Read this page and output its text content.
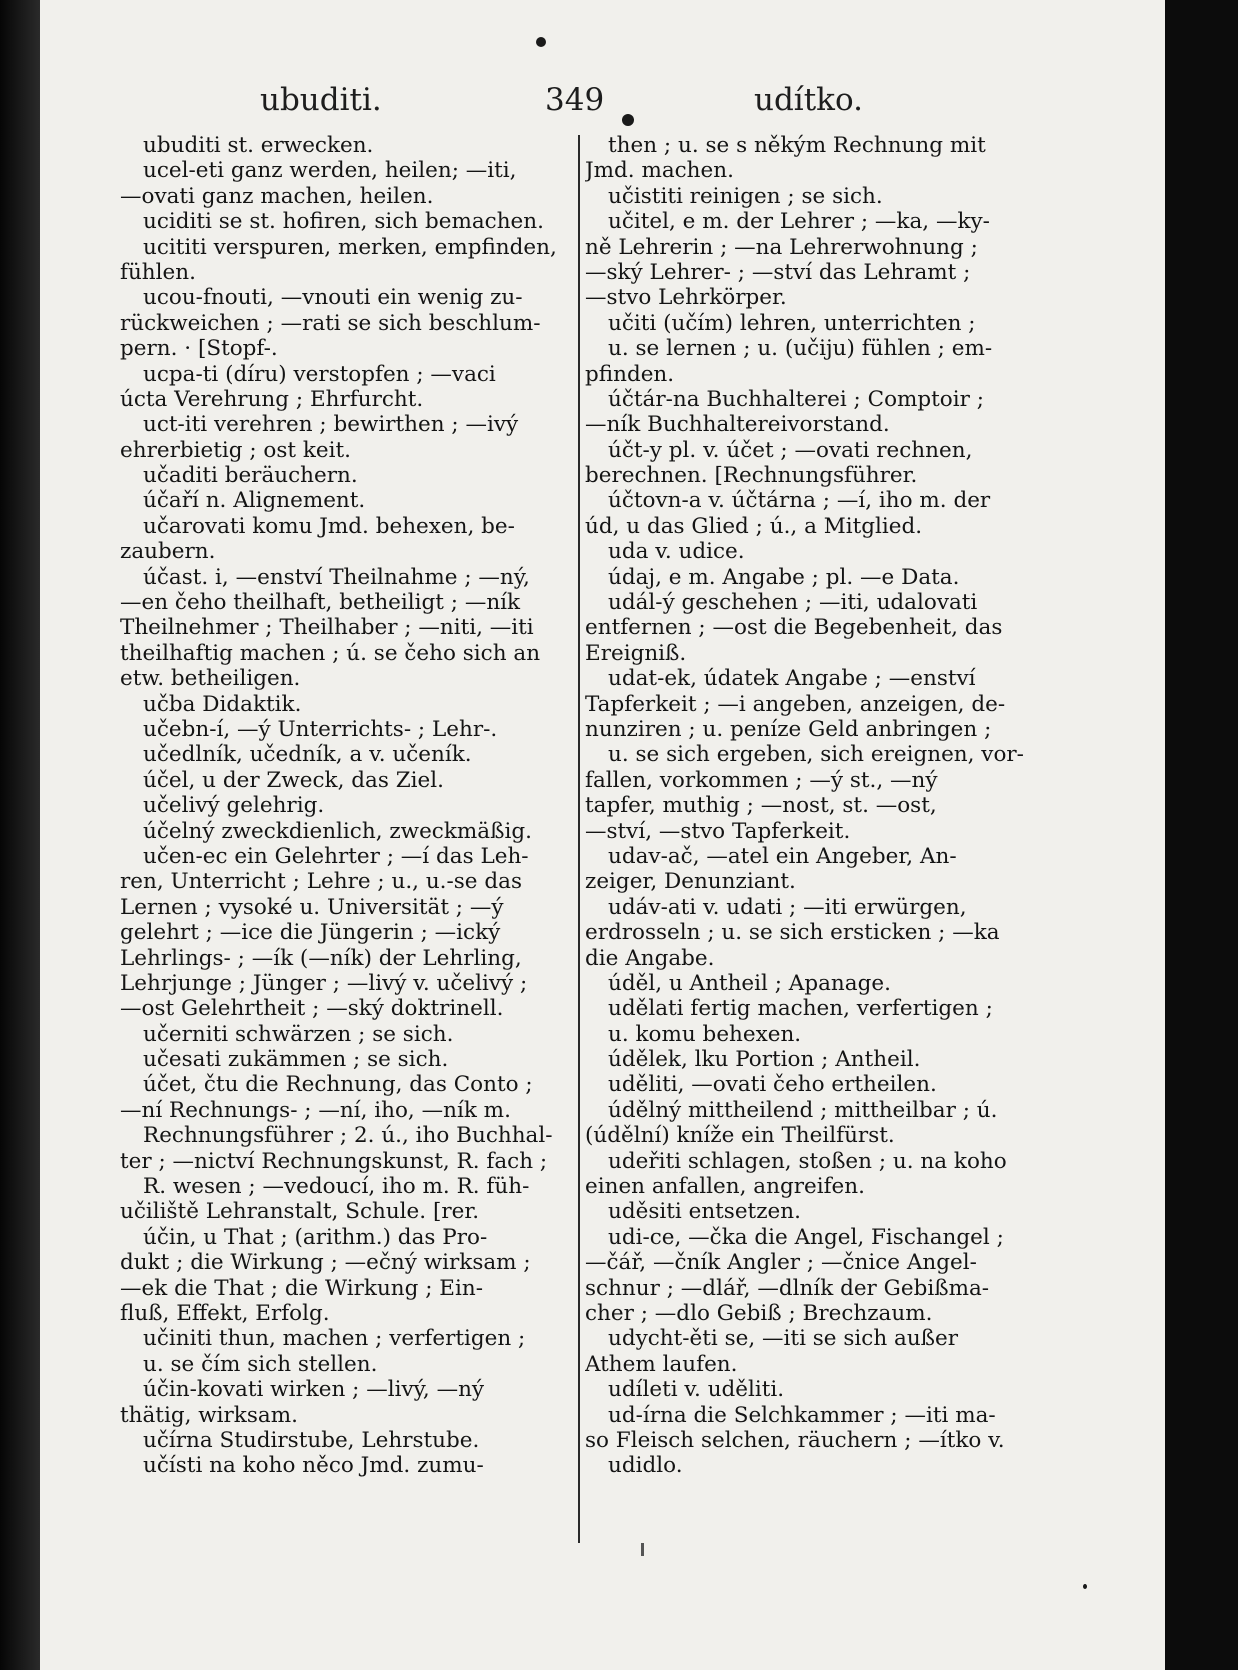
ubuditi.	349	udítko.
ubuditi st. erwecken.
ucel-eti ganz werden, heilen; —iti,
—ovati ganz machen, heilen.
uciditi se st. hofiren, sich bemachen.
ucititi verspuren, merken, empfinden,
fühlen.
ucou-fnouti, —vnouti ein wenig zu-
rückweichen ; —rati se sich beschlum-
pern. · [Stopf-.
ucpa-ti (díru) verstopfen ; —vaci
úcta Verehrung ; Ehrfurcht.
uct-iti verehren ; bewirthen ; —ivý
ehrerbietig ; ost keit.
učaditi beräuchern.
účaří n. Alignement.
učarovati komu Jmd. behexen, be-
zaubern.
účast. i, —enství Theilnahme ; —ný,
—en čeho theilhaft, betheiligt ; —ník
Theilnehmer ; Theilhaber ; —niti, —iti
theilhaftig machen ; ú. se čeho sich an
etw. betheiligen.
učba Didaktik.
učebn-í, —ý Unterrichts- ; Lehr-.
učedlník, učedník, a v. učeník.
účel, u der Zweck, das Ziel.
učelivý gelehrig.
účelný zweckdienlich, zweckmäßig.
učen-ec ein Gelehrter ; —í das Leh-
ren, Unterricht ; Lehre ; u., u.-se das
Lernen ; vysoké u. Universität ; —ý
gelehrt ; —ice die Jüngerin ; —ický
Lehrlings- ; —ík (—ník) der Lehrling,
Lehrjunge ; Jünger ; —livý v. učelivý ;
—ost Gelehrtheit ; —ský doktrinell.
učerniti schwärzen ; se sich.
učesati zukämmen ; se sich.
účet, čtu die Rechnung, das Conto ;
—ní Rechnungs- ; —ní, iho, —ník m.
Rechnungsführer ; 2. ú., iho Buchhal-
ter ; —nictví Rechnungskunst, R. fach ;
R. wesen ; —vedoucí, iho m. R. füh-
učiliště Lehranstalt, Schule. [rer.
účin, u That ; (arithm.) das Pro-
dukt ; die Wirkung ; —ečný wirksam ;
—ek die That ; die Wirkung ; Ein-
fluß, Effekt, Erfolg.
učiniti thun, machen ; verfertigen ;
u. se čím sich stellen.
účin-kovati wirken ; —livý, —ný
thätig, wirksam.
učírna Studirstube, Lehrstube.
učísti na koho něco Jmd. zumu-
then ; u. se s někým Rechnung mit
Jmd. machen.
učistiti reinigen ; se sich.
učitel, e m. der Lehrer ; —ka, —ky-
ně Lehrerin ; —na Lehrerwohnung ;
—ský Lehrer- ; —ství das Lehramt ;
—stvo Lehrkörper.
učiti (učím) lehren, unterrichten ;
u. se lernen ; u. (učiju) fühlen ; em-
pfinden.
účtár-na Buchhalterei ; Comptoir ;
—ník Buchhaltereivorstand.
účt-y pl. v. účet ; —ovati rechnen,
berechnen. [Rechnungsführer.
účtovn-a v. účtárna ; —í, iho m. der
úd, u das Glied ; ú., a Mitglied.
uda v. udice.
údaj, e m. Angabe ; pl. —e Data.
udál-ý geschehen ; —iti, udalovati
entfernen ; —ost die Begebenheit, das
Ereigniß.
udat-ek, údatek Angabe ; —enství
Tapferkeit ; —i angeben, anzeigen, de-
nunziren ; u. peníze Geld anbringen ;
u. se sich ergeben, sich ereignen, vor-
fallen, vorkommen ; —ý st., —ný
tapfer, muthig ; —nost, st. —ost,
—ství, —stvo Tapferkeit.
udav-ač, —atel ein Angeber, An-
zeiger, Denunziant.
udáv-ati v. udati ; —iti erwürgen,
erdrosseln ; u. se sich ersticken ; —ka
die Angabe.
úděl, u Antheil ; Apanage.
udělati fertig machen, verfertigen ;
u. komu behexen.
údělek, lku Portion ; Antheil.
uděliti, —ovati čeho ertheilen.
údělný mittheilend ; mittheilbar ; ú.
(údělní) kníže ein Theilfürst.
udeřiti schlagen, stoßen ; u. na koho
einen anfallen, angreifen.
uděsiti entsetzen.
udi-ce, —čka die Angel, Fischangel ;
—čář, —čník Angler ; —čnice Angel-
schnur ; —dlář, —dlník der Gebißma-
cher ; —dlo Gebiß ; Brechzaum.
udycht-ěti se, —iti se sich außer
Athem laufen.
udíleti v. uděliti.
ud-írna die Selchkammer ; —iti ma-
so Fleisch selchen, räuchern ; —ítko v.
udidlo.
